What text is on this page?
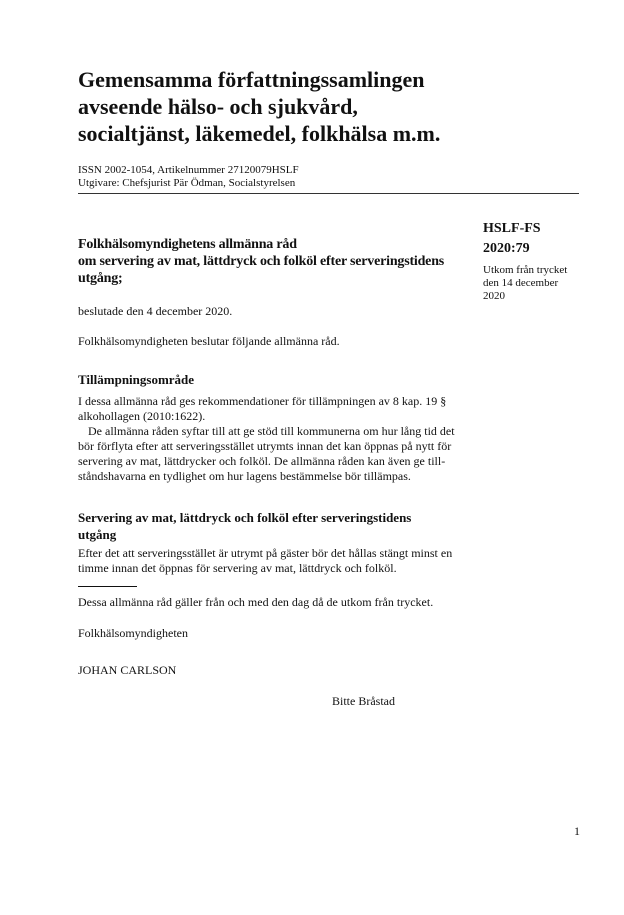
Gemensamma författningssamlingen
avseende hälso- och sjukvård,
socialtjänst, läkemedel, folkhälsa m.m.
ISSN 2002-1054, Artikelnummer 27120079HSLF
Utgivare: Chefsjurist Pär Ödman, Socialstyrelsen
HSLF-FS
2020:79
Utkom från trycket
den 14 december
2020
Folkhälsomyndighetens allmänna råd
om servering av mat, lättdryck och folköl efter serveringstidens
utgång;
beslutade den 4 december 2020.
Folkhälsomyndigheten beslutar följande allmänna råd.
Tillämpningsområde
I dessa allmänna råd ges rekommendationer för tillämpningen av 8 kap. 19 §
alkohollagen (2010:1622).
De allmänna råden syftar till att ge stöd till kommunerna om hur lång tid det
bör förflyta efter att serveringsstället utrymts innan det kan öppnas på nytt för
servering av mat, lättdrycker och folköl. De allmänna råden kan även ge till-
ståndshavarna en tydlighet om hur lagens bestämmelse bör tillämpas.
Servering av mat, lättdryck och folköl efter serveringstidens
utgång
Efter det att serveringsstället är utrymt på gäster bör det hållas stängt minst en
timme innan det öppnas för servering av mat, lättdryck och folköl.
Dessa allmänna råd gäller från och med den dag då de utkom från trycket.
Folkhälsomyndigheten
JOHAN CARLSON
Bitte Bråstad
1
